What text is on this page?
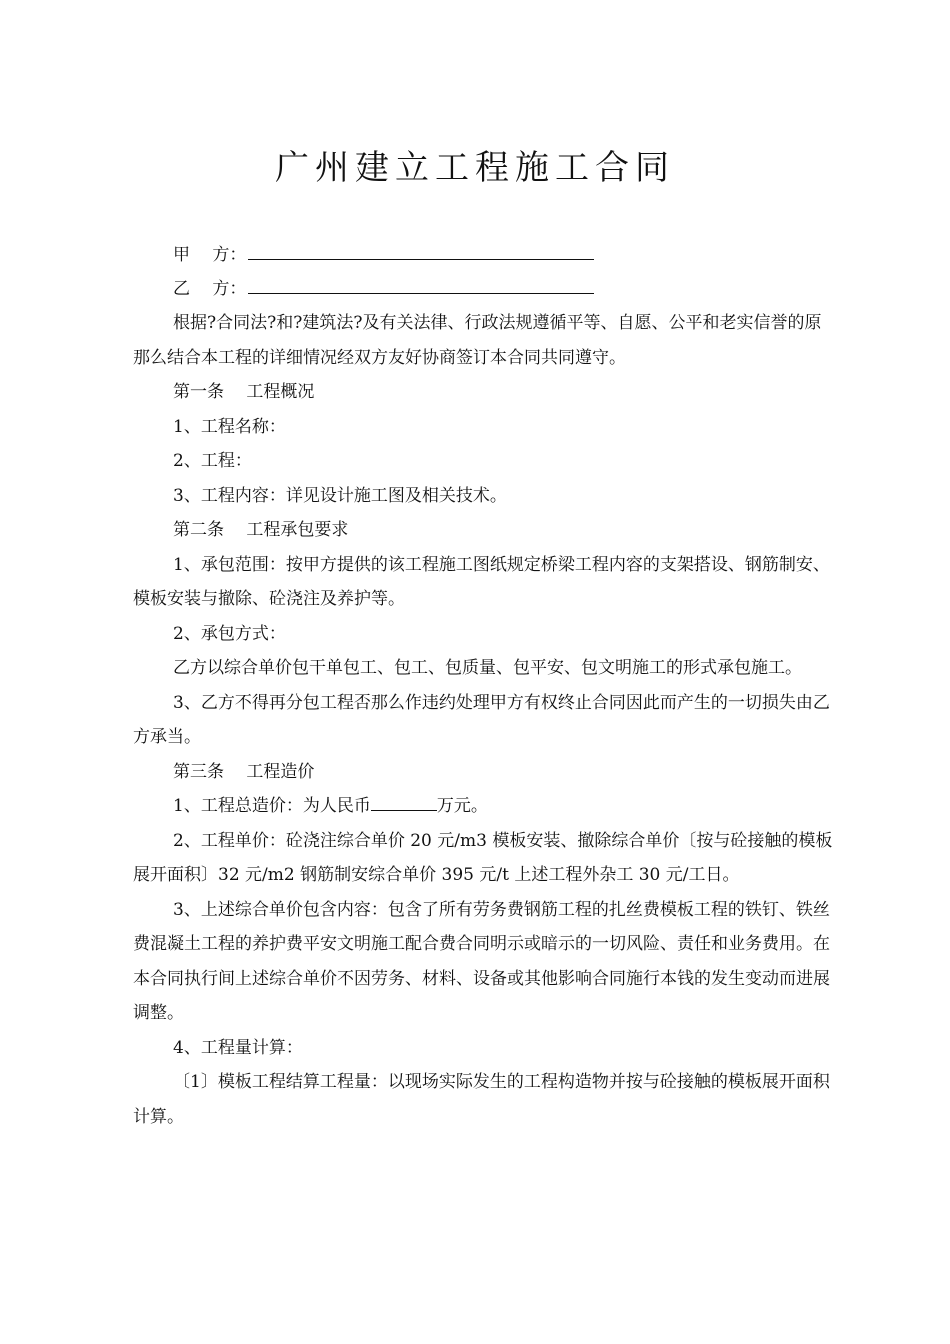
广州建立工程施工合同
甲　 方：
乙　 方：

根据?合同法?和?建筑法?及有关法律、行政法规遵循平等、自愿、公平和老实信誉的原那么结合本工程的详细情况经双方友好协商签订本合同共同遵守。

第一条　 工程概况

1、工程名称：

2、工程：

3、工程内容：详见设计施工图及相关技术。

第二条　 工程承包要求

1、承包范围：按甲方提供的该工程施工图纸规定桥梁工程内容的支架搭设、钢筋制安、模板安装与撤除、砼浇注及养护等。

2、承包方式：

乙方以综合单价包干单包工、包工、包质量、包平安、包文明施工的形式承包施工。

3、乙方不得再分包工程否那么作违约处理甲方有权终止合同因此而产生的一切损失由乙方承当。

第三条　 工程造价

1、工程总造价：为人民币	万元。

2、工程单价：砼浇注综合单价 20 元/m3 模板安装、撤除综合单价〔按与砼接触的模板展开面积〕32 元/m2 钢筋制安综合单价 395 元/t 上述工程外杂工 30 元/工日。

3、上述综合单价包含内容：包含了所有劳务费钢筋工程的扎丝费模板工程的铁钉、铁丝费混凝土工程的养护费平安文明施工配合费合同明示或暗示的一切风险、责任和业务费用。在本合同执行间上述综合单价不因劳务、材料、设备或其他影响合同施行本钱的发生变动而进展调整。

4、工程量计算：

〔1〕模板工程结算工程量：以现场实际发生的工程构造物并按与砼接触的模板展开面积计算。
